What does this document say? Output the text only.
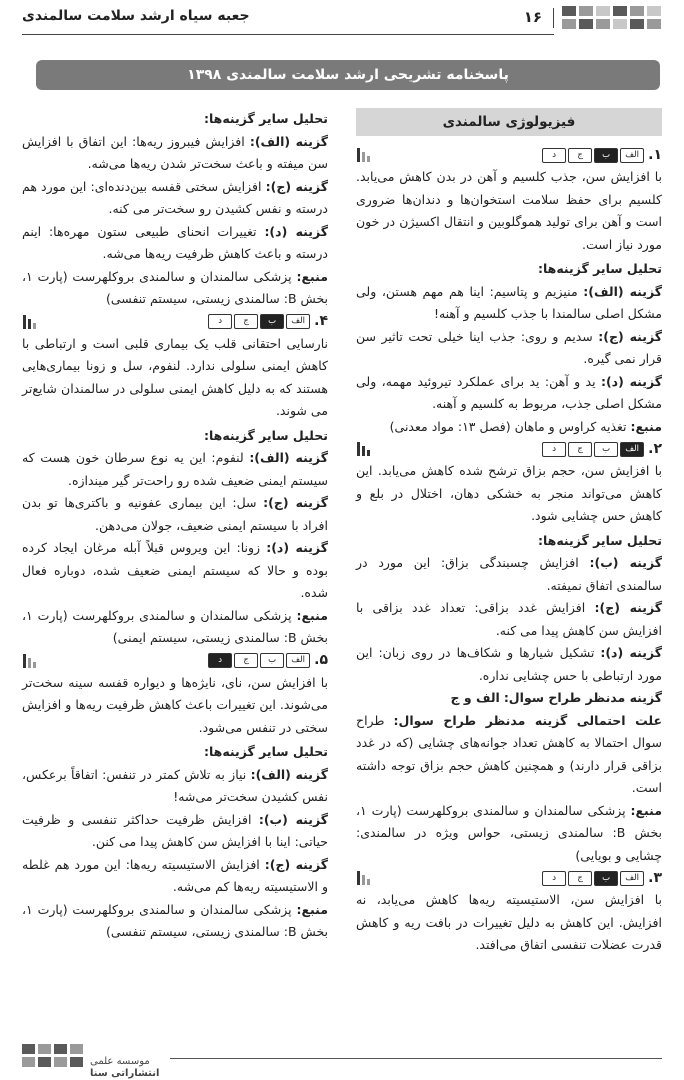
۱۶
جعبه سیاه ارشد سلامت سالمندی
پاسخنامه تشریحی ارشد سلامت سالمندی ۱۳۹۸
فیزیولوژی سالمندی
۱.
الف
ب
ج
د

با افزایش سن، جذب کلسیم و آهن در بدن کاهش می‌یابد. کلسیم برای حفظ سلامت استخوان‌ها و دندان‌ها ضروری است و آهن برای تولید هموگلوبین و انتقال اکسیژن در خون مورد نیاز است.

تحلیل سایر گزینه‌ها:

گزینه (الف): منیزیم و پتاسیم: اینا هم مهم هستن، ولی مشکل اصلی سالمندا با جذب کلسیم و آهنه!

گزینه (ج): سدیم و روی: جذب اینا خیلی تحت تاثیر سن قرار نمی گیره.

گزینه (د): ید و آهن: ید برای عملکرد تیروئید مهمه، ولی مشکل اصلی جذب، مربوط به کلسیم و آهنه.

منبع: تغذیه کراوس و ماهان (فصل ۱۳: مواد معدنی)

۲.
الف
ب
ج
د

با افزایش سن، حجم بزاق ترشح شده کاهش می‌یابد. این کاهش می‌تواند منجر به خشکی دهان، اختلال در بلع و کاهش حس چشایی شود.

تحلیل سایر گزینه‌ها:

گزینه (ب): افزایش چسبندگی بزاق: این مورد در سالمندی اتفاق نمیفته.

گزینه (ج): افزایش غدد بزاقی: تعداد غدد بزاقی با افزایش سن کاهش پیدا می کنه.

گزینه (د): تشکیل شیارها و شکاف‌ها در روی زبان: این مورد ارتباطی با حس چشایی نداره.

گزینه مدنظر طراح سوال: الف و ج

علت احتمالی گزینه مدنظر طراح سوال: طراح سوال احتمالا به کاهش تعداد جوانه‌های چشایی (که در غدد بزاقی قرار دارند) و همچنین کاهش حجم بزاق توجه داشته است.

منبع: پزشکی سالمندان و سالمندی بروکلهرست (پارت ۱، بخش B: سالمندی زیستی، حواس ویژه در سالمندی: چشایی و بویایی)

۳.
الف
ب
ج
د

با افزایش سن، الاستیسیته ریه‌ها کاهش می‌یابد، نه افزایش. این کاهش به دلیل تغییرات در بافت ریه و کاهش قدرت عضلات تنفسی اتفاق می‌افتد.

تحلیل سایر گزینه‌ها:

گزینه (الف): افزایش فیبروز ریه‌ها: این اتفاق با افزایش سن میفته و باعث سخت‌تر شدن ریه‌ها می‌شه.

گزینه (ج): افزایش سختی قفسه بین‌دنده‌ای: این مورد هم درسته و نفس کشیدن رو سخت‌تر می کنه.

گزینه (د): تغییرات انحنای طبیعی ستون مهره‌ها: اینم درسته و باعث کاهش ظرفیت ریه‌ها می‌شه.

منبع: پزشکی سالمندان و سالمندی بروکلهرست (پارت ۱، بخش B: سالمندی زیستی، سیستم تنفسی)

۴.
الف
ب
ج
د

نارسایی احتقانی قلب یک بیماری قلبی است و ارتباطی با کاهش ایمنی سلولی ندارد. لنفوم، سل و زونا بیماری‌هایی هستند که به دلیل کاهش ایمنی سلولی در سالمندان شایع‌تر می شوند.

تحلیل سایر گزینه‌ها:

گزینه (الف): لنفوم: این یه نوع سرطان خون هست که سیستم ایمنی ضعیف شده رو راحت‌تر گیر میندازه.

گزینه (ج): سل: این بیماری عفونیه و باکتری‌ها تو بدن افراد با سیستم ایمنی ضعیف، جولان می‌دهن.

گزینه (د): زونا: این ویروس قبلاً آبله مرغان ایجاد کرده بوده و حالا که سیستم ایمنی ضعیف شده، دوباره فعال شده.

منبع: پزشکی سالمندان و سالمندی بروکلهرست (پارت ۱، بخش B: سالمندی زیستی، سیستم ایمنی)

۵.
الف
ب
ج
د

با افزایش سن، نای، نایژه‌ها و دیواره قفسه سینه سخت‌تر می‌شوند. این تغییرات باعث کاهش ظرفیت ریه‌ها و افزایش سختی در تنفس می‌شود.

تحلیل سایر گزینه‌ها:

گزینه (الف): نیاز به تلاش کمتر در تنفس: اتفاقاً برعکس، نفس کشیدن سخت‌تر می‌شه!

گزینه (ب): افزایش ظرفیت حداکثر تنفسی و ظرفیت حیاتی: اینا با افزایش سن کاهش پیدا می کنن.

گزینه (ج): افزایش الاستیسیته ریه‌ها: این مورد هم غلطه و الاستیسیته ریه‌ها کم می‌شه.

منبع: پزشکی سالمندان و سالمندی بروکلهرست (پارت ۱، بخش B: سالمندی زیستی، سیستم تنفسی)

موسسه علمی
انتشاراتی سنا
